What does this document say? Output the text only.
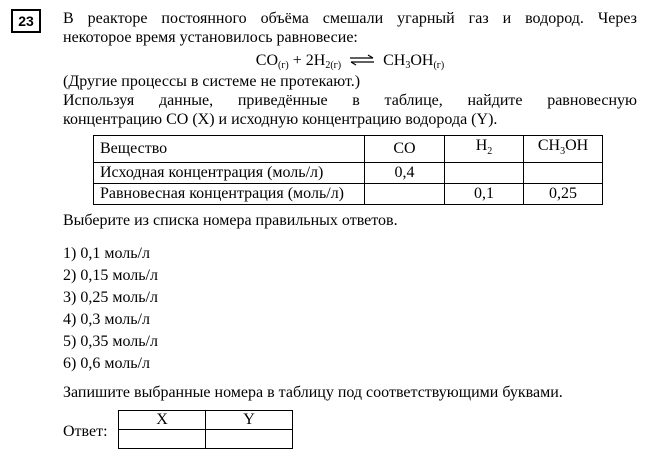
23	В реакторе постоянного объёма смешали угарный газ и водород. Через
некоторое время установилось равновесие:

$CO_{(г)} + 2H_{2(г)}$ ⇌ $CH_3OH_{(г)}$

(Другие процессы в системе не протекают.)

Используя данные, приведённые в таблице, найдите равновесную
концентрацию CO (X) и исходную концентрацию водорода (Y).

Вещество	CO	$H_2$	$CH_3OH$
Исходная концентрация (моль/л)	0,4		
Равновесная концентрация (моль/л)		0,1	0,25

Выберите из списка номера правильных ответов.

1) 0,1 моль/л
2) 0,15 моль/л
3) 0,25 моль/л
4) 0,3 моль/л
5) 0,35 моль/л
6) 0,6 моль/л

Запишите выбранные номера в таблицу под соответствующими буквами.

Ответ:
X	Y
